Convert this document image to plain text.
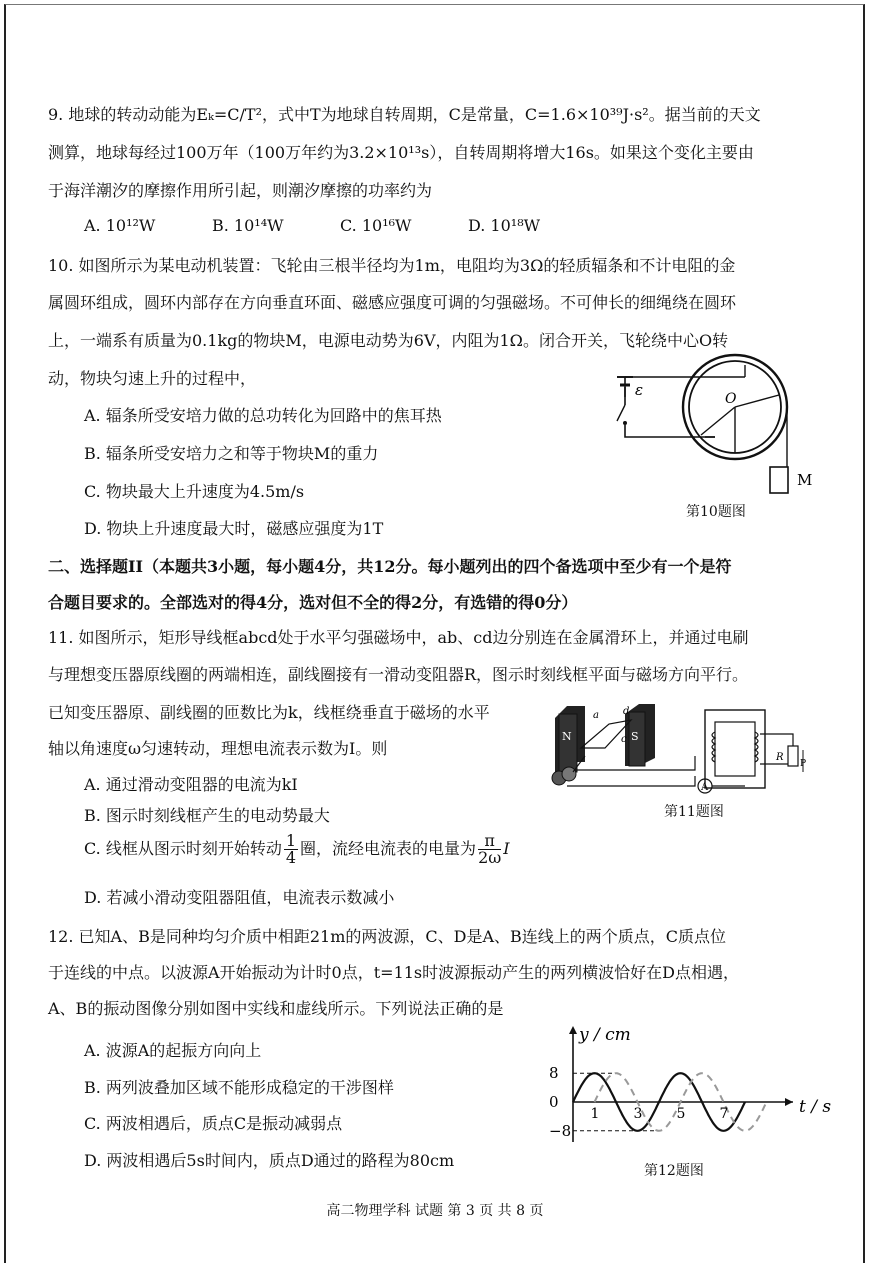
9. 地球的转动动能为Eₖ=C/T²，式中T为地球自转周期，C是常量，C=1.6×10³⁹J·s²。据当前的天文
测算，地球每经过100万年（100万年约为3.2×10¹³s），自转周期将增大16s。如果这个变化主要由
于海洋潮汐的摩擦作用所引起，则潮汐摩擦的功率约为
A. 10¹²W	B. 10¹⁴W	C. 10¹⁶W	D. 10¹⁸W
10. 如图所示为某电动机装置：飞轮由三根半径均为1m，电阻均为3Ω的轻质辐条和不计电阻的金
属圆环组成，圆环内部存在方向垂直环面、磁感应强度可调的匀强磁场。不可伸长的细绳绕在圆环
上，一端系有质量为0.1kg的物块M，电源电动势为6V，内阻为1Ω。闭合开关，飞轮绕中心O转
动，物块匀速上升的过程中，
A. 辐条所受安培力做的总功转化为回路中的焦耳热
B. 辐条所受安培力之和等于物块M的重力
C. 物块最大上升速度为4.5m/s
D. 物块上升速度最大时，磁感应强度为1T
ε	O
M
第10题图
二、选择题II（本题共3小题，每小题4分，共12分。每小题列出的四个备选项中至少有一个是符
合题目要求的。全部选对的得4分，选对但不全的得2分，有选错的得0分）
11. 如图所示，矩形导线框abcd处于水平匀强磁场中，ab、cd边分别连在金属滑环上，并通过电刷
与理想变压器原线圈的两端相连，副线圈接有一滑动变阻器R，图示时刻线框平面与磁场方向平行。
已知变压器原、副线圈的匝数比为k，线框绕垂直于磁场的水平
轴以角速度ω匀速转动，理想电流表示数为I。则
A. 通过滑动变阻器的电流为kI
B. 图示时刻线框产生的电动势最大
C. 线框从图示时刻开始转动 $\frac{1}{4}$ 圈，流经电流表的电量为 $\frac{\pi}{2\omega}$ I
D. 若减小滑动变阻器阻值，电流表示数减小
N	S
a d
c
A
R
P
第11题图
12. 已知A、B是同种均匀介质中相距21m的两波源，C、D是A、B连线上的两个质点，C质点位
于连线的中点。以波源A开始振动为计时0点，t=11s时波源振动产生的两列横波恰好在D点相遇，
A、B的振动图像分别如图中实线和虚线所示。下列说法正确的是
A. 波源A的起振方向向上
B. 两列波叠加区域不能形成稳定的干涉图样
C. 两波相遇后，质点C是振动减弱点
D. 两波相遇后5s时间内，质点D通过的路程为80cm
1 3 5 7
8
0
−8
t / s
y / cm
第12题图
高二物理学科 试题 第 3 页 共 8 页
